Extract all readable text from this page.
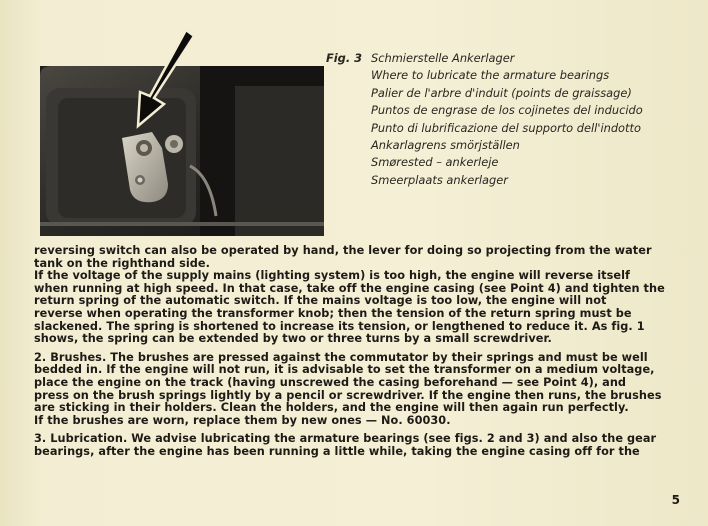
Fig. 3 Schmierstelle Ankerlager
Where to lubricate the armature bearings
Palier de l'arbre d'induit (points de graissage)
Puntos de engrase de los cojinetes del inducido
Punto di lubrificazione del supporto dell'indotto
Ankarlagrens smörjställen
Smørested – ankerleje
Smeerplaats ankerlager
reversing switch can also be operated by hand, the lever for doing so projecting from the water
tank on the righthand side.
If the voltage of the supply mains (lighting system) is too high, the engine will reverse itself
when running at high speed. In that case, take off the engine casing (see Point 4) and tighten the
return spring of the automatic switch. If the mains voltage is too low, the engine will not
reverse when operating the transformer knob; then the tension of the return spring must be
slackened. The spring is shortened to increase its tension, or lengthened to reduce it. As fig. 1
shows, the spring can be extended by two or three turns by a small screwdriver.
2. Brushes. The brushes are pressed against the commutator by their springs and must be well
bedded in. If the engine will not run, it is advisable to set the transformer on a medium voltage,
place the engine on the track (having unscrewed the casing beforehand — see Point 4), and
press on the brush springs lightly by a pencil or screwdriver. If the engine then runs, the brushes
are sticking in their holders. Clean the holders, and the engine will then again run perfectly.
If the brushes are worn, replace them by new ones — No. 60030.
3. Lubrication. We advise lubricating the armature bearings (see figs. 2 and 3) and also the gear
bearings, after the engine has been running a little while, taking the engine casing off for the
5
